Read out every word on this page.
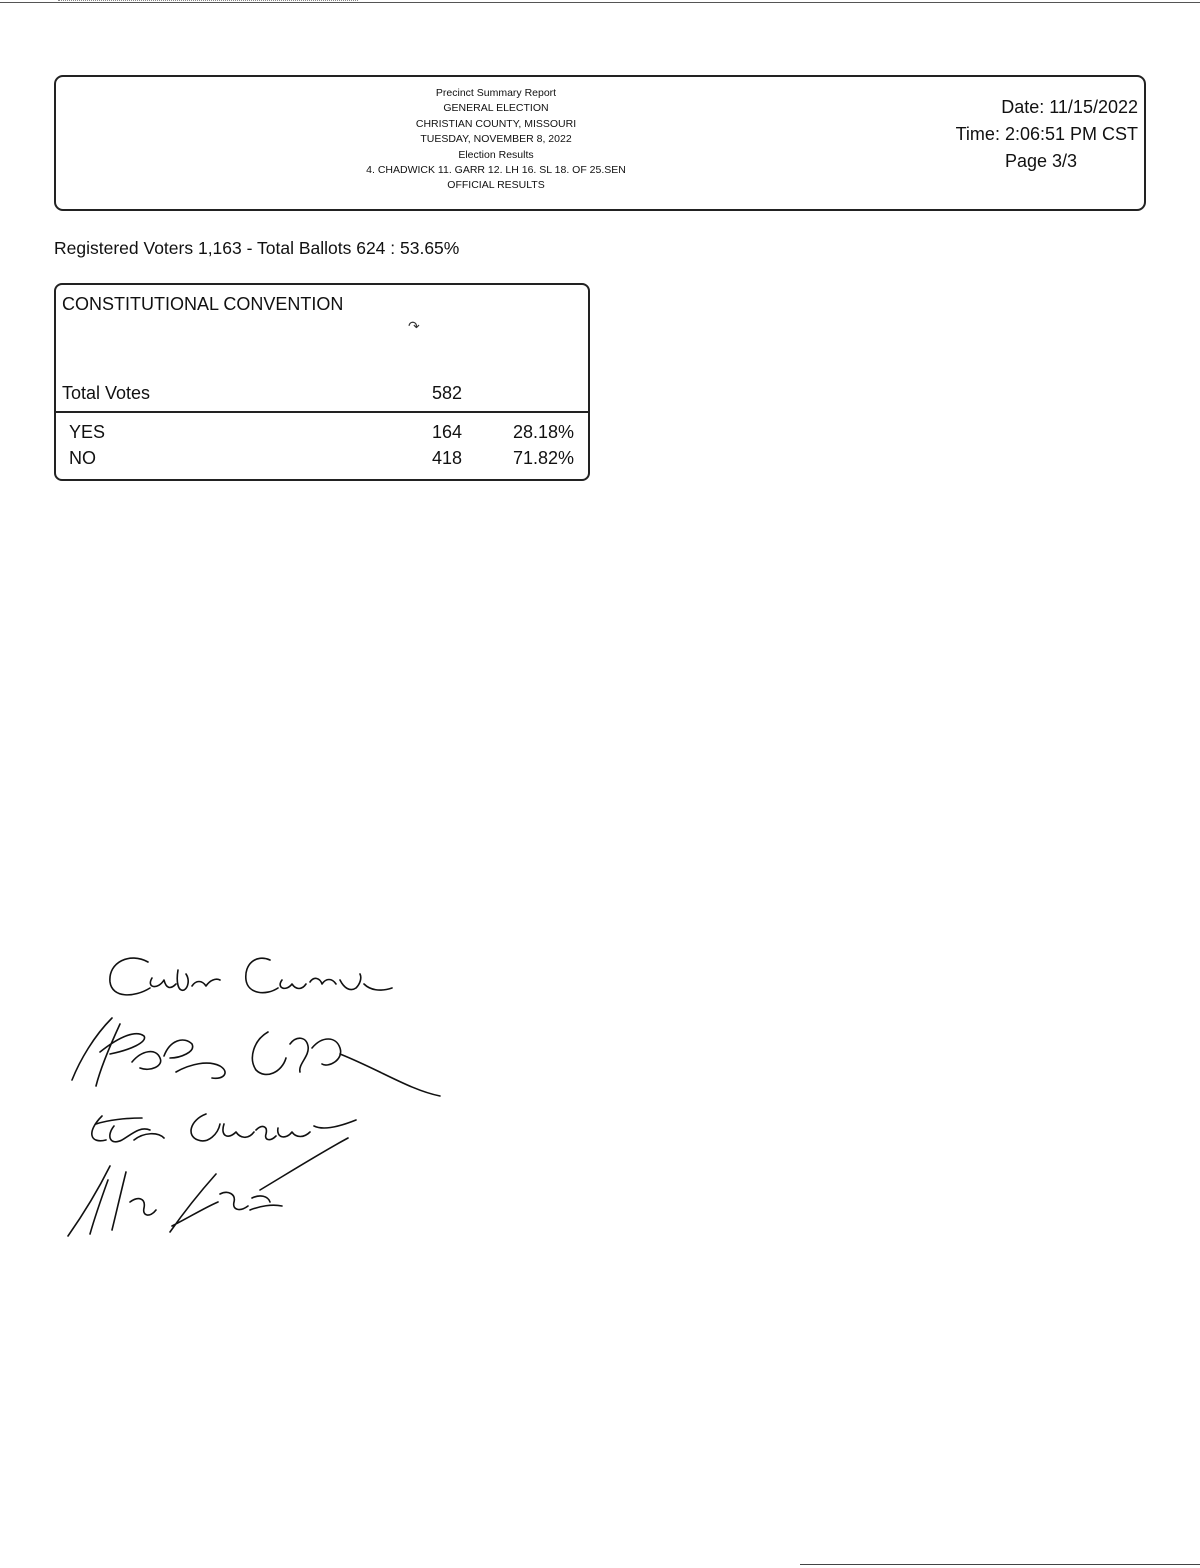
Precinct Summary Report
GENERAL ELECTION
CHRISTIAN COUNTY, MISSOURI
TUESDAY, NOVEMBER 8, 2022
Election Results
4. CHADWICK 11. GARR 12. LH 16. SL 18. OF 25.SEN
OFFICIAL RESULTS
Date: 11/15/2022
Time: 2:06:51 PM CST
Page 3/3
Registered Voters 1,163 - Total Ballots 624 : 53.65%
CONSTITUTIONAL CONVENTION
↷
Total Votes	582
YES	164	28.18%
NO	418	71.82%
